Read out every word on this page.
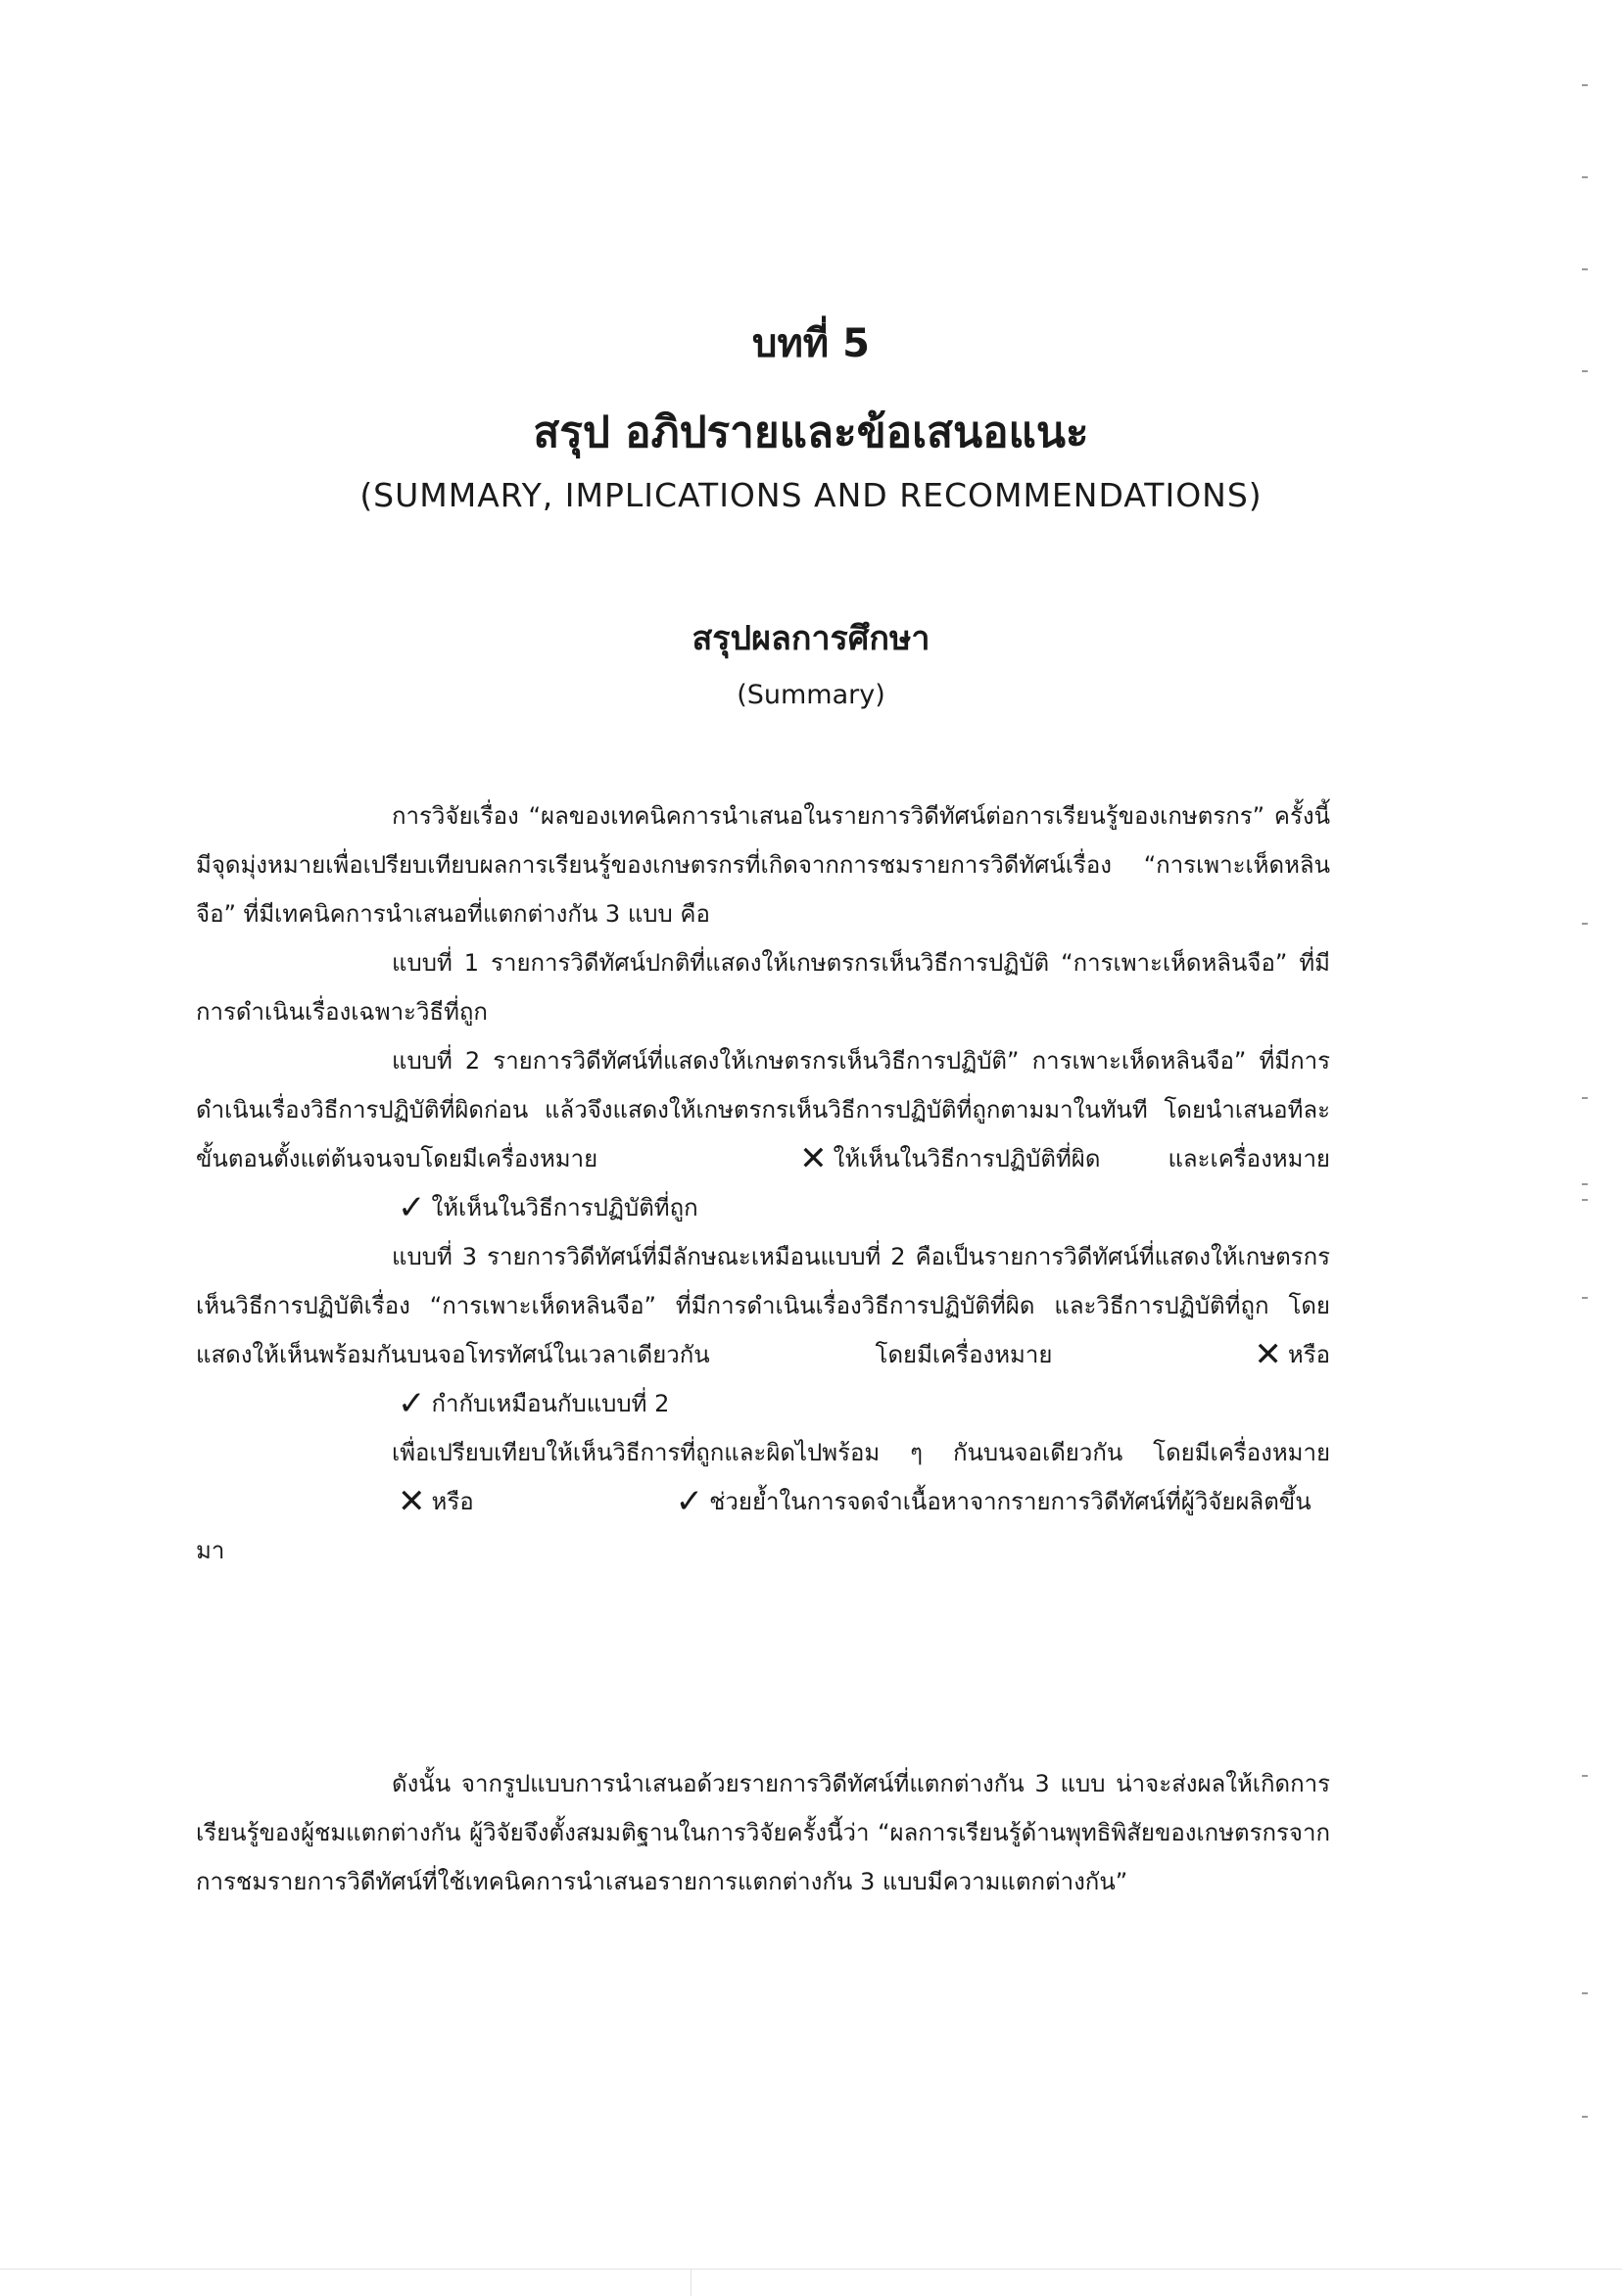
บทที่ 5
สรุป อภิปรายและข้อเสนอแนะ
(SUMMARY, IMPLICATIONS AND RECOMMENDATIONS)
สรุปผลการศึกษา
(Summary)

การวิจัยเรื่อง “ผลของเทคนิคการนำเสนอในรายการวิดีทัศน์ต่อการเรียนรู้ของเกษตรกร” ครั้งนี้ มีจุดมุ่งหมายเพื่อเปรียบเทียบผลการเรียนรู้ของเกษตรกรที่เกิดจากการชมรายการวิดีทัศน์เรื่อง “การเพาะเห็ดหลินจือ” ที่มีเทคนิคการนำเสนอที่แตกต่างกัน 3 แบบ คือ

แบบที่ 1 รายการวิดีทัศน์ปกติที่แสดงให้เกษตรกรเห็นวิธีการปฏิบัติ “การเพาะเห็ดหลินจือ” ที่มีการดำเนินเรื่องเฉพาะวิธีที่ถูก

แบบที่ 2 รายการวิดีทัศน์ที่แสดงให้เกษตรกรเห็นวิธีการปฏิบัติ” การเพาะเห็ดหลินจือ” ที่มีการดำเนินเรื่องวิธีการปฏิบัติที่ผิดก่อน แล้วจึงแสดงให้เกษตรกรเห็นวิธีการปฏิบัติที่ถูกตามมาในทันที โดยนำเสนอทีละขั้นตอนตั้งแต่ต้นจนจบโดยมีเครื่องหมาย	✕ ให้เห็นในวิธีการปฏิบัติที่ผิด และเครื่องหมาย✓ ให้เห็นในวิธีการปฏิบัติที่ถูก

แบบที่ 3 รายการวิดีทัศน์ที่มีลักษณะเหมือนแบบที่ 2 คือเป็นรายการวิดีทัศน์ที่แสดงให้เกษตรกรเห็นวิธีการปฏิบัติเรื่อง “การเพาะเห็ดหลินจือ” ที่มีการดำเนินเรื่องวิธีการปฏิบัติที่ผิด และวิธีการปฏิบัติที่ถูก โดยแสดงให้เห็นพร้อมกันบนจอโทรทัศน์ในเวลาเดียวกัน โดยมีเครื่องหมาย	✕ หรือ✓ กำกับเหมือนกับแบบที่ 2

เพื่อเปรียบเทียบให้เห็นวิธีการที่ถูกและผิดไปพร้อม ๆ กันบนจอเดียวกัน โดยมีเครื่องหมาย✕ หรือ	✓ ช่วยย้ำในการจดจำเนื้อหาจากรายการวิดีทัศน์ที่ผู้วิจัยผลิตขึ้นมา

ดังนั้น จากรูปแบบการนำเสนอด้วยรายการวิดีทัศน์ที่แตกต่างกัน 3 แบบ น่าจะส่งผลให้เกิดการเรียนรู้ของผู้ชมแตกต่างกัน ผู้วิจัยจึงตั้งสมมติฐานในการวิจัยครั้งนี้ว่า “ผลการเรียนรู้ด้านพุทธิพิสัยของเกษตรกรจากการชมรายการวิดีทัศน์ที่ใช้เทคนิคการนำเสนอรายการแตกต่างกัน 3 แบบมีความแตกต่างกัน”
